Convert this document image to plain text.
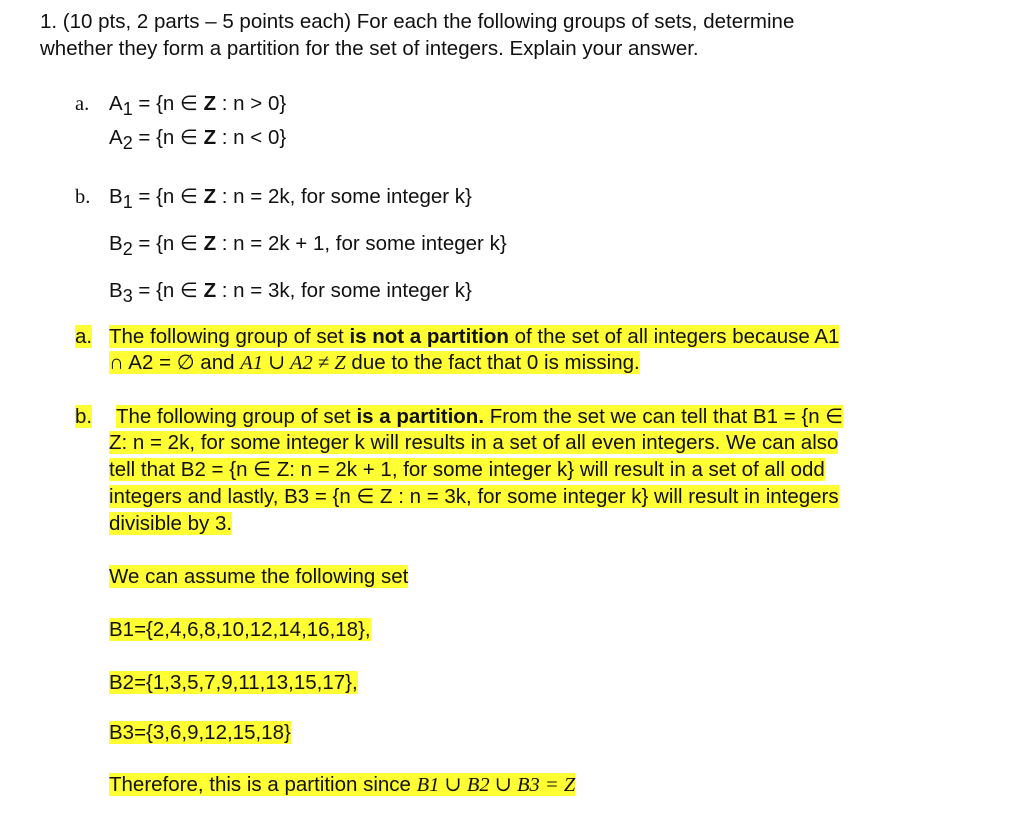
1. (10 pts, 2 parts – 5 points each) For each the following groups of sets, determine
whether they form a partition for the set of integers. Explain your answer.
a. A1 = {n ∈ Z : n > 0}
A2 = {n ∈ Z : n < 0}
b. B1 = {n ∈ Z : n = 2k, for some integer k}
B2 = {n ∈ Z : n = 2k + 1, for some integer k}
B3 = {n ∈ Z : n = 3k, for some integer k}
a. The following group of set is not a partition of the set of all integers because A1
∩ A2 = ∅ and A1 ∪ A2 ≠ Z due to the fact that 0 is missing.
b. The following group of set is a partition. From the set we can tell that B1 = {n ∈
Z: n = 2k, for some integer k will results in a set of all even integers. We can also
tell that B2 = {n ∈ Z: n = 2k + 1, for some integer k} will result in a set of all odd
integers and lastly, B3 = {n ∈ Z : n = 3k, for some integer k} will result in integers
divisible by 3.
We can assume the following set
B1={2,4,6,8,10,12,14,16,18},
B2={1,3,5,7,9,11,13,15,17},
B3={3,6,9,12,15,18}
Therefore, this is a partition since B1 ∪ B2 ∪ B3 = Z
